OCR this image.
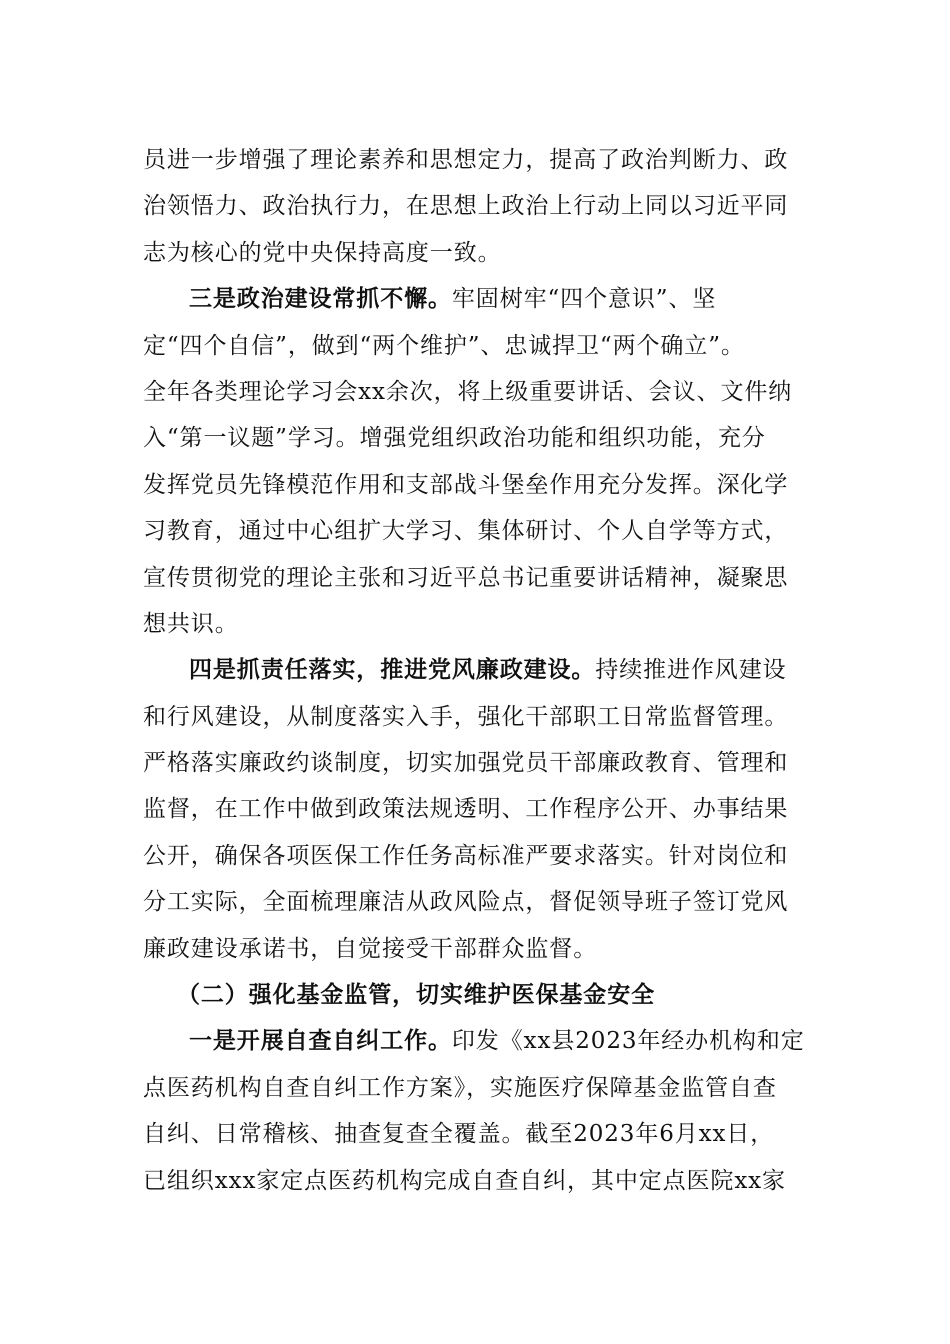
员进一步增强了理论素养和思想定力，提高了政治判断力、政
治领悟力、政治执行力，在思想上政治上行动上同以习近平同
志为核心的党中央保持高度一致。
三是政治建设常抓不懈。牢固树牢“四个意识”、坚
定“四个自信”，做到“两个维护”、忠诚捍卫“两个确立”。
全年各类理论学习会xx余次，将上级重要讲话、会议、文件纳
入“第一议题”学习。增强党组织政治功能和组织功能，充分
发挥党员先锋模范作用和支部战斗堡垒作用充分发挥。深化学
习教育，通过中心组扩大学习、集体研讨、个人自学等方式，
宣传贯彻党的理论主张和习近平总书记重要讲话精神，凝聚思
想共识。
四是抓责任落实，推进党风廉政建设。持续推进作风建设
和行风建设，从制度落实入手，强化干部职工日常监督管理。
严格落实廉政约谈制度，切实加强党员干部廉政教育、管理和
监督，在工作中做到政策法规透明、工作程序公开、办事结果
公开，确保各项医保工作任务高标准严要求落实。针对岗位和
分工实际，全面梳理廉洁从政风险点，督促领导班子签订党风
廉政建设承诺书，自觉接受干部群众监督。
（二）强化基金监管，切实维护医保基金安全
一是开展自查自纠工作。印发《xx县2023年经办机构和定
点医药机构自查自纠工作方案》，实施医疗保障基金监管自查
自纠、日常稽核、抽查复查全覆盖。截至2023年6月xx日，
已组织xxx家定点医药机构完成自查自纠，其中定点医院xx家
